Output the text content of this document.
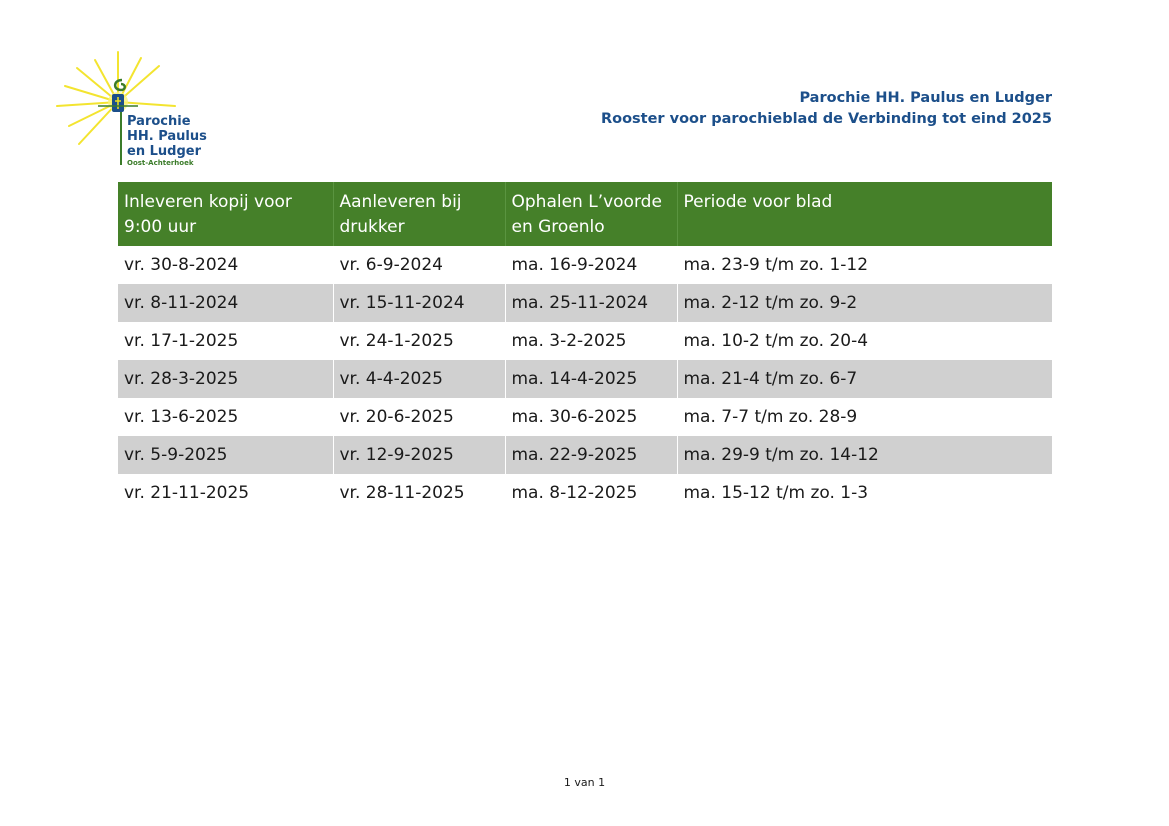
Parochie
HH. Paulus
en Ludger
Oost-Achterhoek
Parochie HH. Paulus en Ludger
Rooster voor parochieblad de Verbinding tot eind 2025
Inleveren kopij voor 9:00 uur	Aanleveren bij drukker	Ophalen L’voorde en Groenlo	Periode voor blad
vr. 30-8-2024	vr. 6-9-2024	ma. 16-9-2024	ma. 23-9 t/m zo. 1-12
vr. 8-11-2024	vr. 15-11-2024	ma. 25-11-2024	ma. 2-12 t/m zo. 9-2
vr. 17-1-2025	vr. 24-1-2025	ma. 3-2-2025	ma. 10-2 t/m zo. 20-4
vr. 28-3-2025	vr. 4-4-2025	ma. 14-4-2025	ma. 21-4 t/m zo. 6-7
vr. 13-6-2025	vr. 20-6-2025	ma. 30-6-2025	ma. 7-7 t/m zo. 28-9
vr. 5-9-2025	vr. 12-9-2025	ma. 22-9-2025	ma. 29-9 t/m zo. 14-12
vr. 21-11-2025	vr. 28-11-2025	ma. 8-12-2025	ma. 15-12 t/m zo. 1-3
1 van 1
